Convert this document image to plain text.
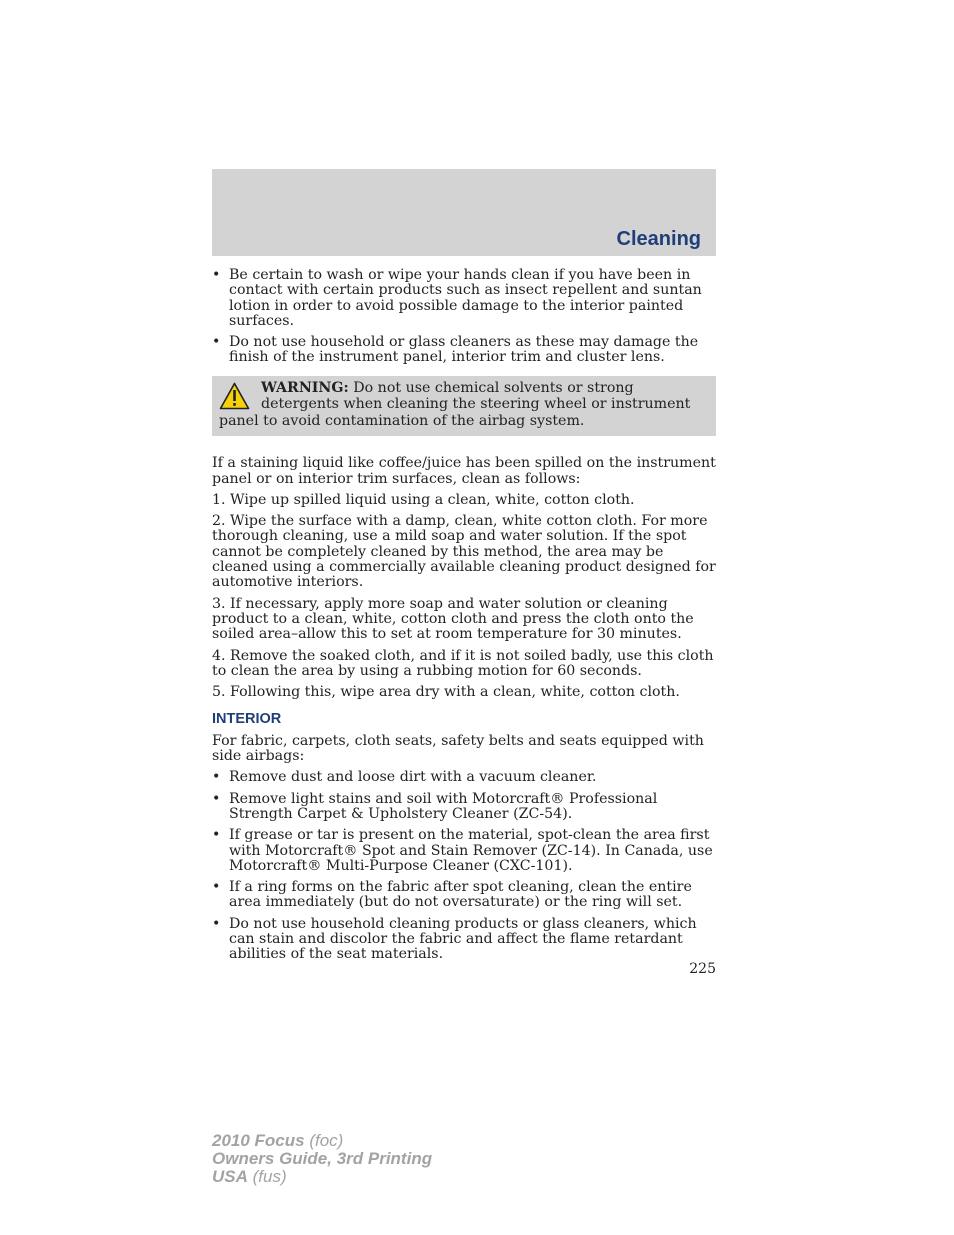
Cleaning
• Be certain to wash or wipe your hands clean if you have been in contact with certain products such as insect repellent and suntan lotion in order to avoid possible damage to the interior painted surfaces.
• Do not use household or glass cleaners as these may damage the finish of the instrument panel, interior trim and cluster lens.
WARNING: Do not use chemical solvents or strong detergents when cleaning the steering wheel or instrument panel to avoid contamination of the airbag system.

If a staining liquid like coffee/juice has been spilled on the instrument panel or on interior trim surfaces, clean as follows:

1. Wipe up spilled liquid using a clean, white, cotton cloth.

2. Wipe the surface with a damp, clean, white cotton cloth. For more thorough cleaning, use a mild soap and water solution. If the spot cannot be completely cleaned by this method, the area may be cleaned using a commercially available cleaning product designed for automotive interiors.

3. If necessary, apply more soap and water solution or cleaning product to a clean, white, cotton cloth and press the cloth onto the soiled area–allow this to set at room temperature for 30 minutes.

4. Remove the soaked cloth, and if it is not soiled badly, use this cloth to clean the area by using a rubbing motion for 60 seconds.

5. Following this, wipe area dry with a clean, white, cotton cloth.

INTERIOR

For fabric, carpets, cloth seats, safety belts and seats equipped with side airbags:

• Remove dust and loose dirt with a vacuum cleaner.
• Remove light stains and soil with Motorcraft® Professional Strength Carpet & Upholstery Cleaner (ZC-54).
• If grease or tar is present on the material, spot-clean the area first with Motorcraft® Spot and Stain Remover (ZC-14). In Canada, use Motorcraft® Multi-Purpose Cleaner (CXC-101).
• If a ring forms on the fabric after spot cleaning, clean the entire area immediately (but do not oversaturate) or the ring will set.
• Do not use household cleaning products or glass cleaners, which can stain and discolor the fabric and affect the flame retardant abilities of the seat materials.
225
2010 Focus (foc)
Owners Guide, 3rd Printing
USA (fus)
